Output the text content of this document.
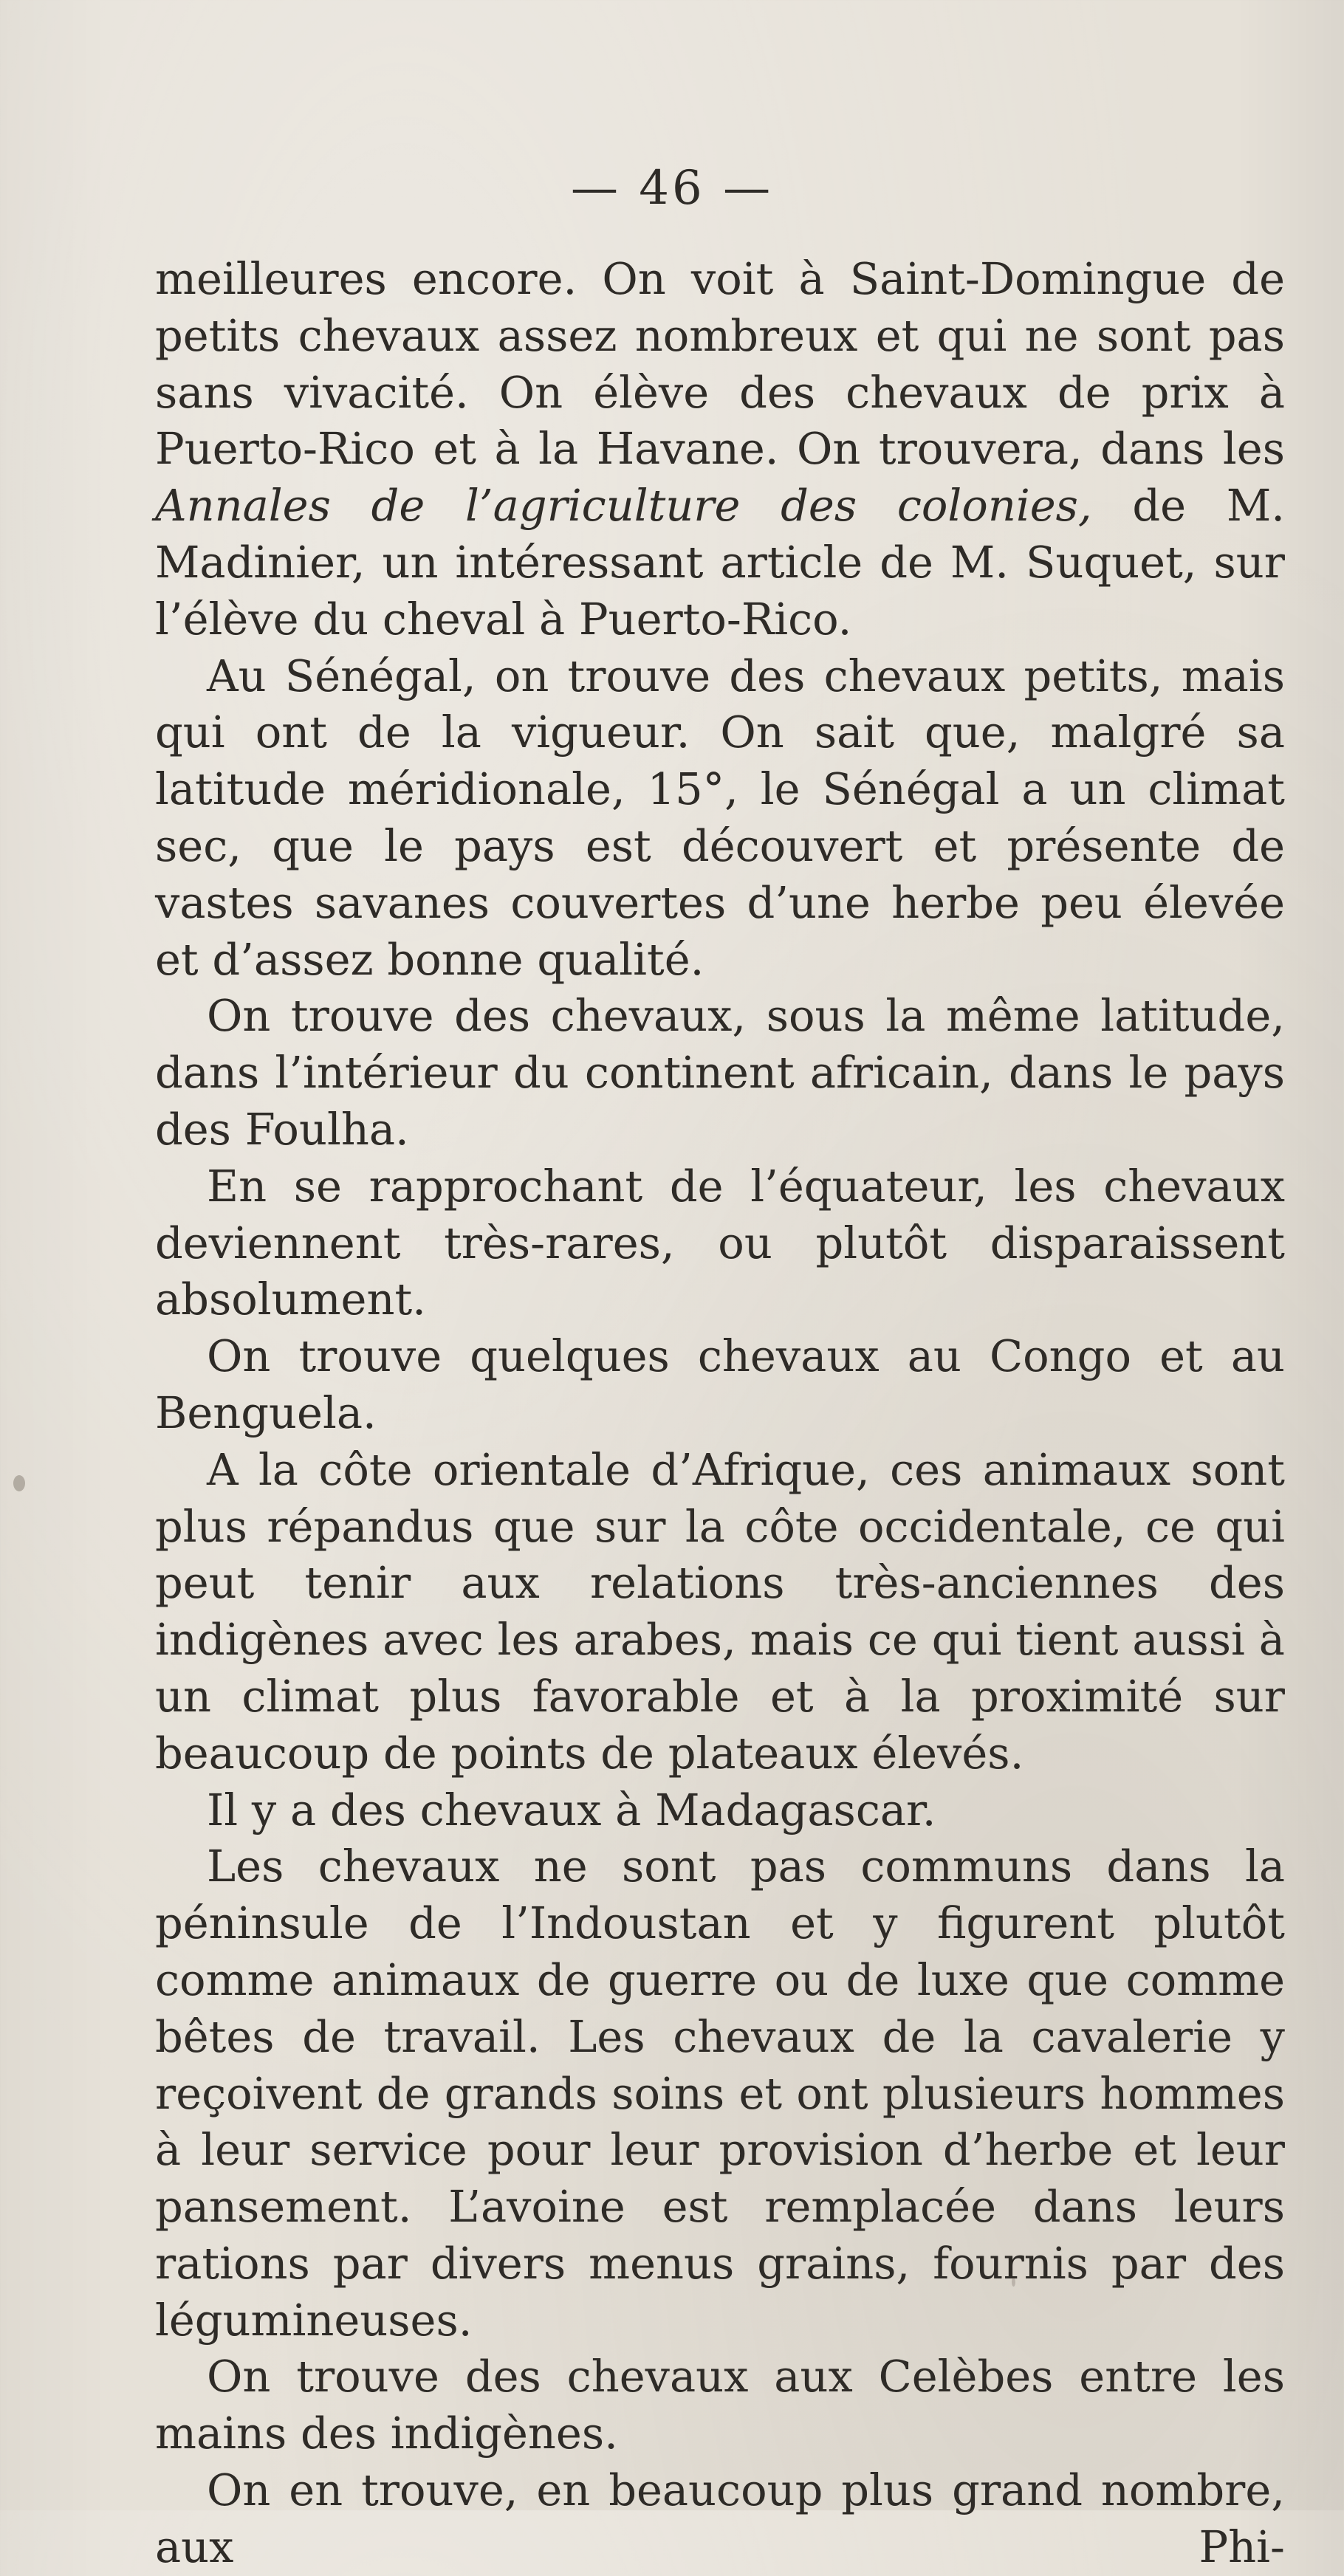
— 46 —

meilleures encore. On voit à Saint-Domingue de petits chevaux assez nombreux et qui ne sont pas sans vivacité. On élève des chevaux de prix à Puerto-Rico et à la Havane. On trouvera, dans les Annales de l’agriculture des colonies, de M. Madinier, un intéressant article de M. Suquet, sur l’élève du cheval à Puerto-Rico.

Au Sénégal, on trouve des chevaux petits, mais qui ont de la vigueur. On sait que, malgré sa latitude méridionale, 15°, le Sénégal a un climat sec, que le pays est découvert et présente de vastes savanes couvertes d’une herbe peu élevée et d’assez bonne qualité.

On trouve des chevaux, sous la même latitude, dans l’intérieur du continent africain, dans le pays des Foulha.

En se rapprochant de l’équateur, les chevaux deviennent très-rares, ou plutôt disparaissent absolument.

On trouve quelques chevaux au Congo et au Benguela.

A la côte orientale d’Afrique, ces animaux sont plus répandus que sur la côte occidentale, ce qui peut tenir aux relations très-anciennes des indigènes avec les arabes, mais ce qui tient aussi à un climat plus favorable et à la proximité sur beaucoup de points de plateaux élevés.

Il y a des chevaux à Madagascar.

Les chevaux ne sont pas communs dans la péninsule de l’Indoustan et y figurent plutôt comme animaux de guerre ou de luxe que comme bêtes de travail. Les chevaux de la cavalerie y reçoivent de grands soins et ont plusieurs hommes à leur service pour leur provision d’herbe et leur pansement. L’avoine est remplacée dans leurs rations par divers menus grains, fournis par des légumineuses.

On trouve des chevaux aux Celèbes entre les mains des indigènes.

On en trouve, en beaucoup plus grand nombre, aux Phi-
